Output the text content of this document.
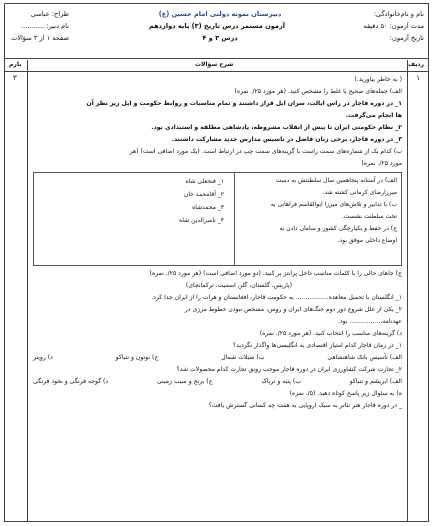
نام و نام‌خانوادگی:
مدت آزمون: ۵۰ دقیقه
تاریخ آزمون:
دبیرستان نمونه دولتی امام حسین (ع)
آزمون مستمر درس تاریخ (۳) پایه دوازدهم
درس ۳ و ۴
طراح: عباسی
نام دبیر: ...........
صفحه ۱ از ۳ سؤالات
ردیف
شرح سؤالات
بارم
۱
۳	( به خاطر بیاورید.)
الف) جمله‌های صحیح یا غلط را مشخص کنید. (هر مورد ۲۵/. نمره)
۱_ در دوره قاجار در راس ایالت، سران ایل قرار داشتند و تمام مناسبات و روابط حکومت و ایل زیر نظر آن
ها انجام می‌گرفت.
۲_ نظام حکومتی ایران تا پیش از انقلاب مشروطه، پادشاهی مطلقه و استبدادی بود.
۳_ در دوره قاجار، برخی زنان فاضل در تاسیس مدارس جدید مشارکت داشتند.
ب) کدام یک از شماره‌های سمت راست با گزینه‌های سمت چپ در ارتباط است. (یک مورد اضافی است) (هر
مورد ۲۵/. نمره)
الف) در آستانه پنجاهمین سال سلطنتش به دست
میرزارضای کرمانی کشته شد.
ب) با تدابیر و تلاش‌های میرزا ابوالقاسم فراهانی به
تخت سلطنت نشست.
ج) در حفظ و یکپارچگی کشور و سامان دادن به
اوضاع داخلی موفق بود.
۱_ فتحعلی شاه
۲_ آقامحمد خان
۳_ محمدشاه
۴_ ناصرالدین شاه
ج) جاهای خالی را با کلمات مناسب داخل پرانتز پر کنید. (دو مورد اضافی است) (هر مورد ۲۵/. نمره)
(پاریس، گلستان، گلن اسمیت، ترکمانچای)
۱_ انگلستان با تحمیل معاهده................. به حکومت قاجار، افغانستان و هرات را از ایران جدا کرد.
۲_ یکی از علل شروع دور دوم جنگ‌های ایران و روس، مشخص نبودن خطوط مرزی در
عهدنامه................. بود.
د) گزینه‌های مناسب را انتخاب کنید. (هر مورد ۲۵/. نمره)
۱_ در زمان قاجار کدام امتیاز اقتصادی به انگلیسی‌ها واگذار نگردید؟
الف) تأسیس بانک شاهنشاهی
ب) شیلات شمال
ج) توتون و تنباکو
د) رویتر
۲_ تجارت شرکت کشاورزی ایران در دوره قاجار موجب رونق تجارت کدام محصولات شد؟
الف) ابریشم و تنباکو
ب) پنبه و تریاک
ج) برنج و سیب زمینی
د) گوجه فرنگی و نخود فرنگی
ه) به سئوال زیر پاسخ کوتاه دهید. (۵/. نمره)
_ در دوره قاجار هنر تئاتر به سبک اروپایی به همت چه کسانی گسترش یافت؟
